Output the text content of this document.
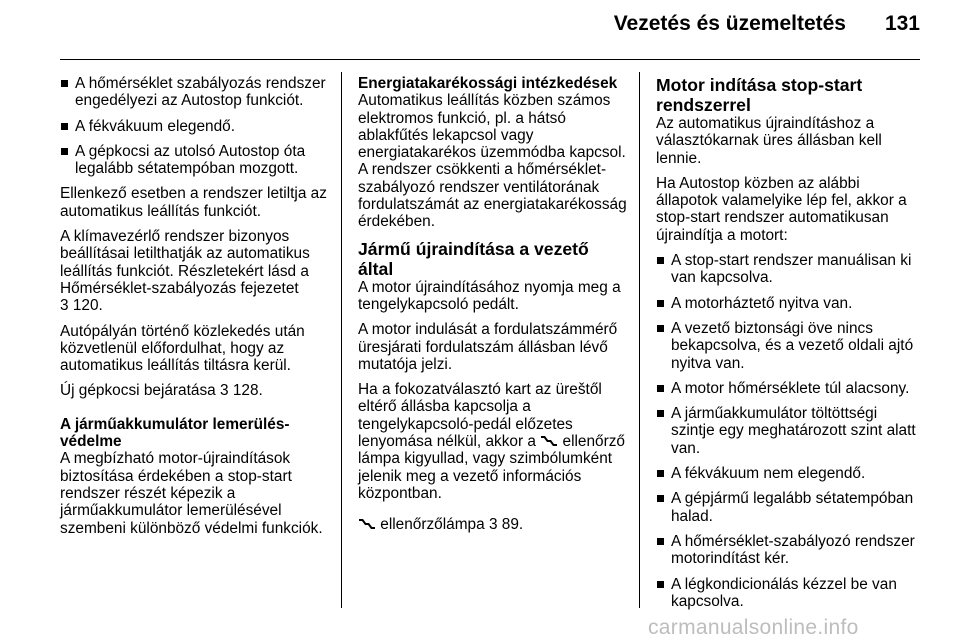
Vezetés és üzemeltetés	131
A hőmérséklet szabályozás rendszer engedélyezi az Autostop funkciót.
A fékvákuum elegendő.
A gépkocsi az utolsó Autostop óta legalább sétatempóban mozgott.

Ellenkező esetben a rendszer letiltja az automatikus leállítás funkciót.

A klímavezérlő rendszer bizonyos beállításai letilthatják az automatikus leállítás funkciót. Részletekért lásd a Hőmérséklet-szabályozás fejezetet
3 120.

Autópályán történő közlekedés után közvetlenül előfordulhat, hogy az automatikus leállítás tiltásra kerül.

Új gépkocsi bejáratása 3 128.

A járműakkumulátor lemerülés-védelme

A megbízható motor-újraindítások biztosítása érdekében a stop-start rendszer részét képezik a járműakkumulátor lemerülésével szembeni különböző védelmi funkciók.

Energiatakarékossági intézkedések

Automatikus leállítás közben számos elektromos funkció, pl. a hátsó ablakfűtés lekapcsol vagy energiatakarékos üzemmódba kapcsol. A rendszer csökkenti a hőmérséklet-szabályozó rendszer ventilátorának fordulatszámát az energiatakarékosság érdekében.

Jármű újraindítása a vezető által

A motor újraindításához nyomja meg a tengelykapcsoló pedált.

A motor indulását a fordulatszámmérő üresjárati fordulatszám állásban lévő mutatója jelzi.

Ha a fokozatválasztó kart az üreštől eltérő állásba kapcsolja a tengelykapcsoló-pedál előzetes lenyomása nélkül, akkor a ellenőrző lámpa kigyullad, vagy szimbólumként jelenik meg a vezető információs központban.

ellenőrzőlámpa 3 89.

Motor indítása stop-start rendszerrel

Az automatikus újraindításhoz a választókarnak üres állásban kell lennie.

Ha Autostop közben az alábbi állapotok valamelyike lép fel, akkor a stop-start rendszer automatikusan újraindítja a motort:

A stop-start rendszer manuálisan ki van kapcsolva.
A motorháztető nyitva van.
A vezető biztonsági öve nincs bekapcsolva, és a vezető oldali ajtó nyitva van.
A motor hőmérséklete túl alacsony.
A járműakkumulátor töltöttségi szintje egy meghatározott szint alatt van.
A fékvákuum nem elegendő.
A gépjármű legalább sétatempóban halad.
A hőmérséklet-szabályozó rendszer motorindítást kér.
A légkondicionálás kézzel be van kapcsolva.
carmanualsonline.info
